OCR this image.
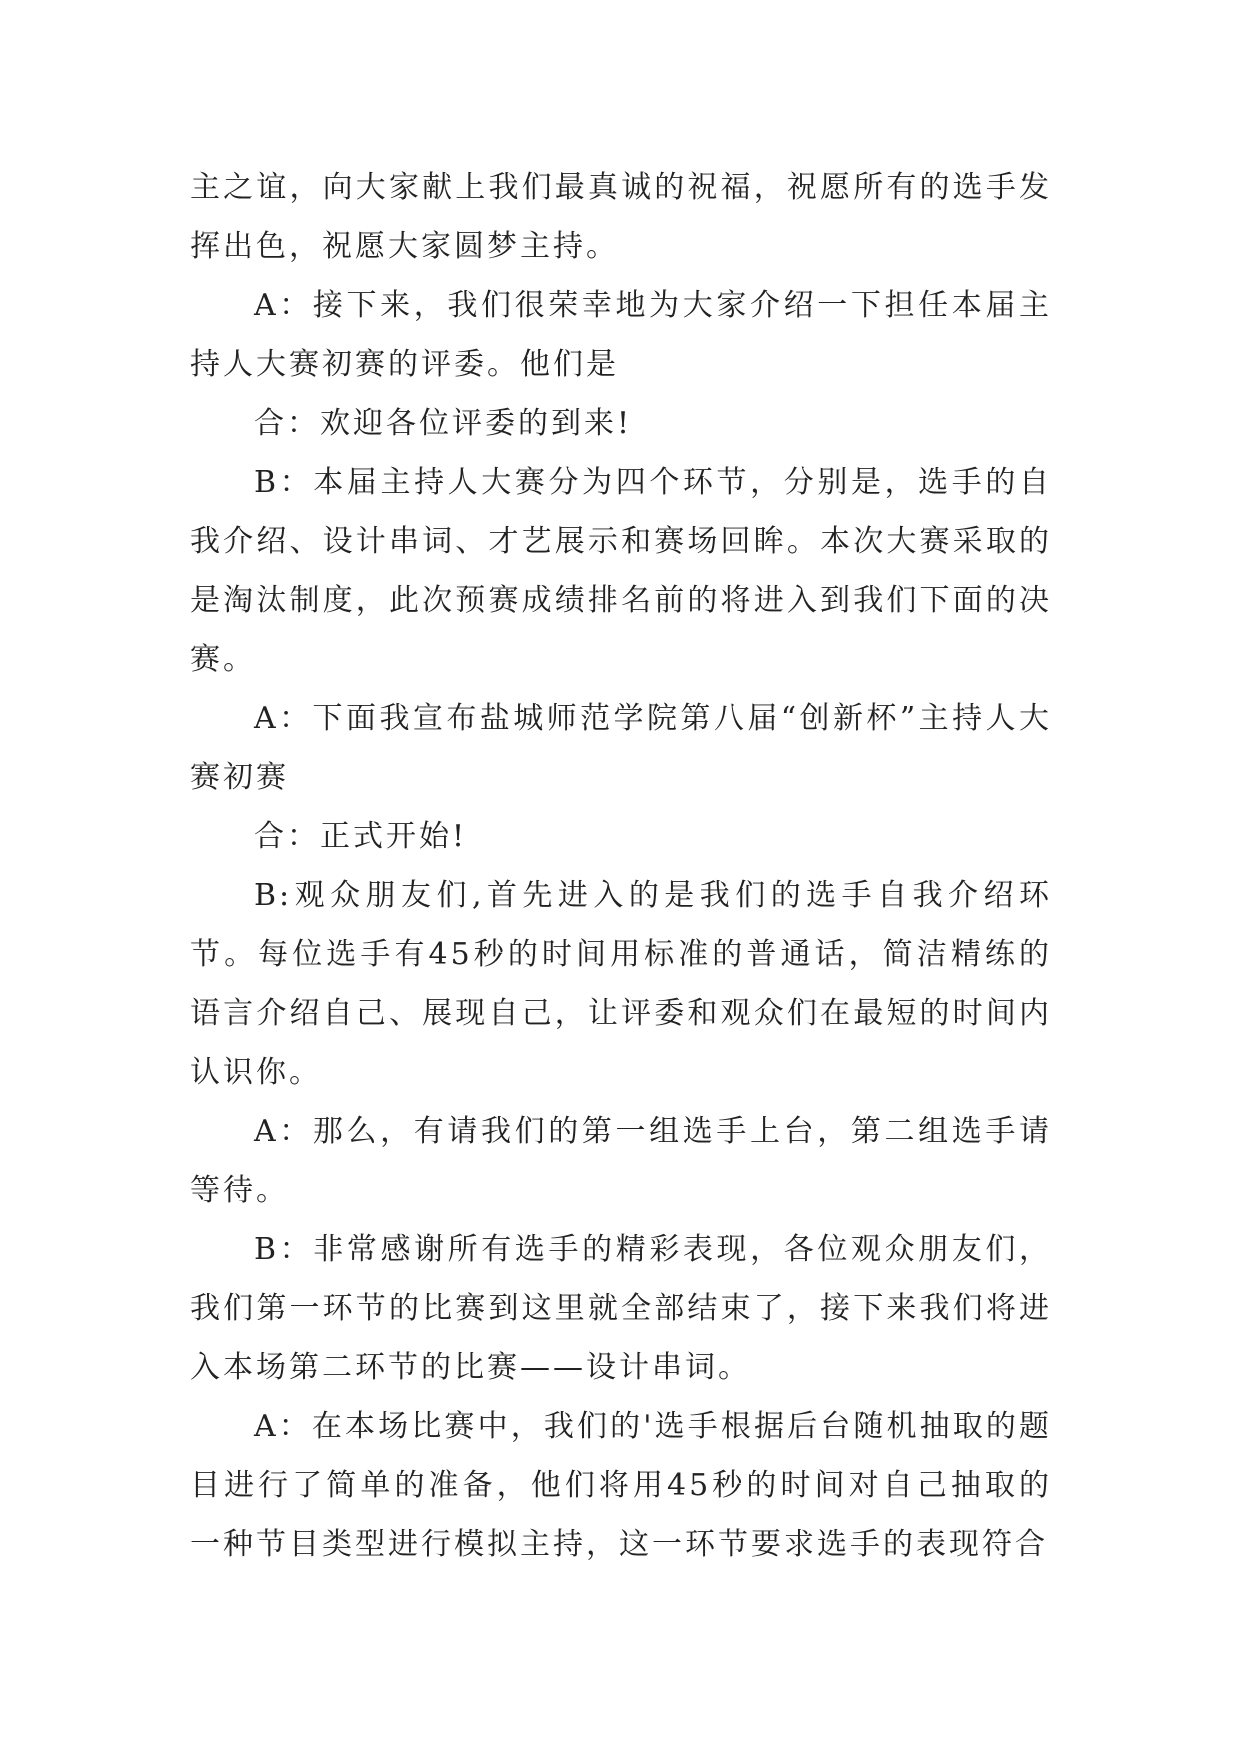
主之谊，向大家献上我们最真诚的祝福，祝愿所有的选手发挥出色，祝愿大家圆梦主持。

A：接下来，我们很荣幸地为大家介绍一下担任本届主持人大赛初赛的评委。他们是

合：欢迎各位评委的到来!

B：本届主持人大赛分为四个环节，分别是，选手的自我介绍、设计串词、才艺展示和赛场回眸。本次大赛采取的是淘汰制度，此次预赛成绩排名前的将进入到我们下面的决赛。

A：下面我宣布盐城师范学院第八届“创新杯”主持人大赛初赛

合：正式开始!

B:观众朋友们,首先进入的是我们的选手自我介绍环节。每位选手有45秒的时间用标准的普通话，简洁精练的语言介绍自己、展现自己，让评委和观众们在最短的时间内认识你。

A：那么，有请我们的第一组选手上台，第二组选手请等待。

B：非常感谢所有选手的精彩表现，各位观众朋友们，我们第一环节的比赛到这里就全部结束了，接下来我们将进入本场第二环节的比赛——设计串词。

A：在本场比赛中，我们的'选手根据后台随机抽取的题目进行了简单的准备，他们将用45秒的时间对自己抽取的一种节目类型进行模拟主持，这一环节要求选手的表现符合
